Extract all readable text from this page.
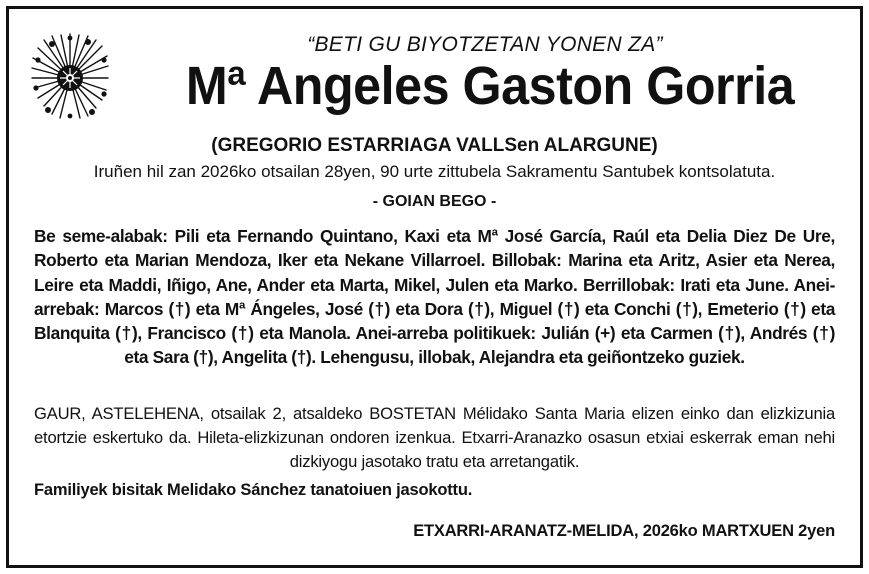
“BETI GU BIYOTZETAN YONEN ZA”
Mª Angeles Gaston Gorria
(GREGORIO ESTARRIAGA VALLSen ALARGUNE)
Iruñen hil zan 2026ko otsailan 28yen, 90 urte zittubela Sakramentu Santubek kontsolatuta.
- GOIAN BEGO -
Be seme-alabak: Pili eta Fernando Quintano, Kaxi eta Mª José García, Raúl eta Delia Diez De Ure, Roberto eta Marian Mendoza, Iker eta Nekane Villarroel. Billobak: Marina eta Aritz, Asier eta Nerea, Leire eta Maddi, Iñigo, Ane, Ander eta Marta, Mikel, Julen eta Marko. Berrillobak: Irati eta June. Anei-arrebak: Marcos (†) eta Mª Ángeles, José (†) eta Dora (†), Miguel (†) eta Conchi (†), Emeterio (†) eta Blanquita (†), Francisco (†) eta Manola. Anei-arreba politikuek: Julián (+) eta Carmen (†), Andrés (†) eta Sara (†), Angelita (†). Lehengusu, illobak, Alejandra eta geiñontzeko guziek.
GAUR, ASTELEHENA, otsailak 2, atsaldeko BOSTETAN Mélidako Santa Maria elizen einko dan elizkizunia etortzie eskertuko da. Hileta-elizkizunan ondoren izenkua. Etxarri-Aranazko osasun etxiai eskerrak eman nehi dizkiyogu jasotako tratu eta arretangatik.
Familiyek bisitak Melidako Sánchez tanatoiuen jasokottu.
ETXARRI-ARANATZ-MELIDA, 2026ko MARTXUEN 2yen
